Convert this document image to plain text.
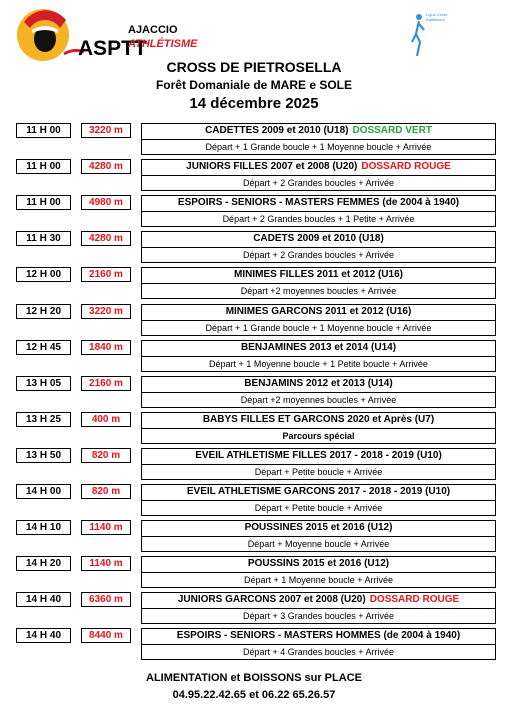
ASPTT
AJACCIO
ATHLÉTISME
Ligue Corse Athlétisme
CROSS DE PIETROSELLA
Forêt Domaniale de MARE e SOLE
14 décembre 2025
11 H 00	3220 m	CADETTES 2009 et 2010 (U18) DOSSARD VERT
Départ + 1 Grande boucle + 1 Moyenne boucle + Arrivée
11 H 00	4280 m	JUNIORS FILLES 2007 et 2008 (U20) DOSSARD ROUGE
Départ + 2 Grandes boucles + Arrivée
11 H 00	4980 m	ESPOIRS - SENIORS - MASTERS FEMMES (de 2004 à 1940)
Départ + 2 Grandes boucles + 1 Petite + Arrivée
11 H 30	4280 m	CADETS 2009 et 2010 (U18)
Départ + 2 Grandes boucles + Arrivée
12 H 00	2160 m	MINIMES FILLES 2011 et 2012 (U16)
Départ +2 moyennes boucles + Arrivée
12 H 20	3220 m	MINIMES GARCONS 2011 et 2012 (U16)
Départ + 1 Grande boucle + 1 Moyenne boucle + Arrivée
12 H 45	1840 m	BENJAMINES 2013 et 2014 (U14)
Départ + 1 Moyenne boucle + 1 Petite boucle + Arrivée
13 H 05	2160 m	BENJAMINS 2012 et 2013 (U14)
Départ +2 moyennes boucles + Arrivée
13 H 25	400 m	BABYS FILLES ET GARCONS 2020 et Après (U7)
Parcours spécial
13 H 50	820 m	EVEIL ATHLETISME FILLES 2017 - 2018 - 2019 (U10)
Départ + Petite boucle + Arrivée
14 H 00	820 m	EVEIL ATHLETISME GARCONS 2017 - 2018 - 2019 (U10)
Départ + Petite boucle + Arrivée
14 H 10	1140 m	POUSSINES 2015 et 2016 (U12)
Départ + Moyenne boucle + Arrivée
14 H 20	1140 m	POUSSINS 2015 et 2016 (U12)
Départ + 1 Moyenne boucle + Arrivée
14 H 40	6360 m	JUNIORS GARCONS 2007 et 2008 (U20) DOSSARD ROUGE
Départ + 3 Grandes boucles + Arrivée
14 H 40	8440 m	ESPOIRS - SENIORS - MASTERS HOMMES (de 2004 à 1940)
Départ + 4 Grandes boucles + Arrivée
ALIMENTATION et BOISSONS sur PLACE
04.95.22.42.65 et 06.22 65.26.57
